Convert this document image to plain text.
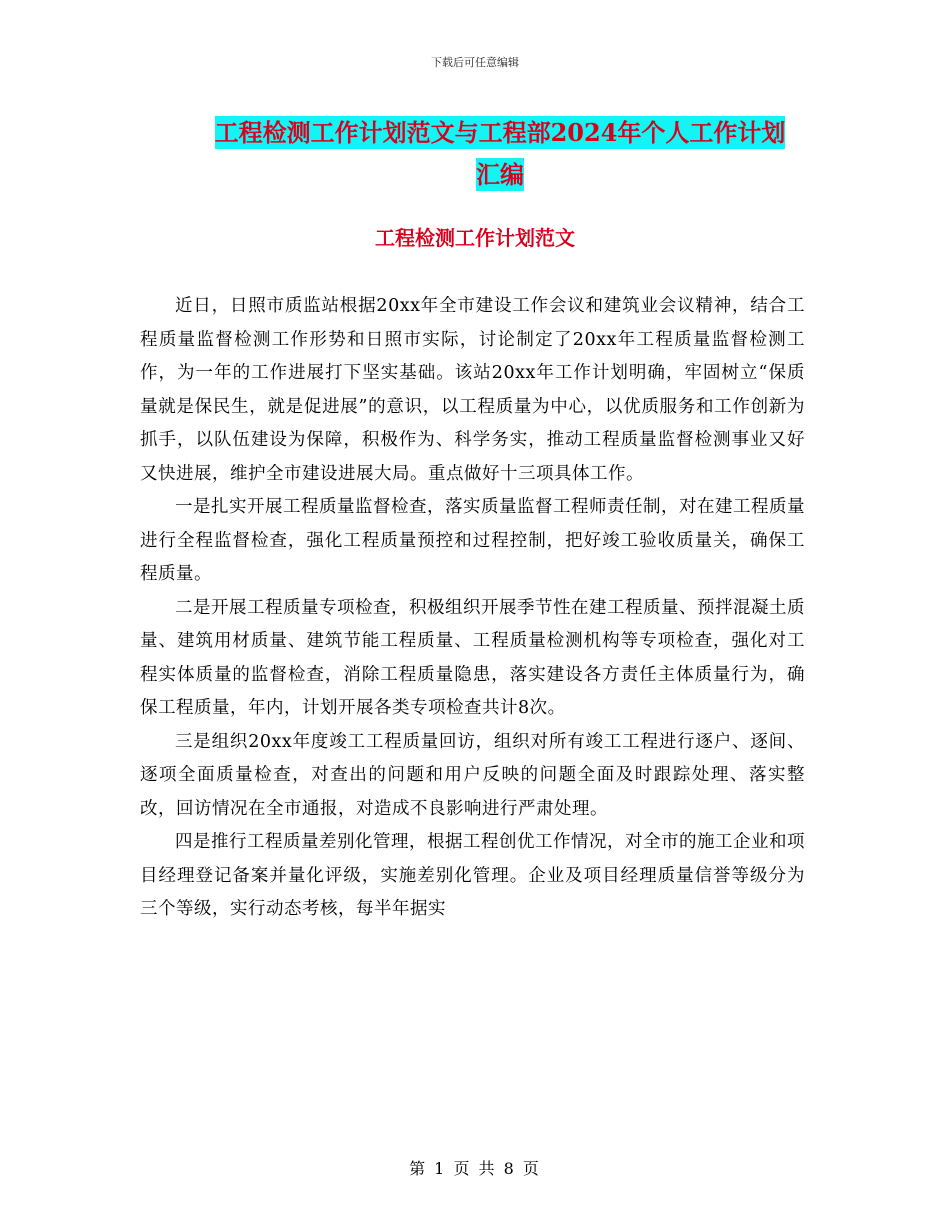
下载后可任意编辑
工程检测工作计划范文与工程部2024年个人工作计划
汇编
工程检测工作计划范文

近日，日照市质监站根据20xx年全市建设工作会议和建筑业会议精神，结合工程质量监督检测工作形势和日照市实际，讨论制定了20xx年工程质量监督检测工作，为一年的工作进展打下坚实基础。该站20xx年工作计划明确，牢固树立“保质量就是保民生，就是促进展”的意识，以工程质量为中心，以优质服务和工作创新为抓手，以队伍建设为保障，积极作为、科学务实，推动工程质量监督检测事业又好又快进展，维护全市建设进展大局。重点做好十三项具体工作。

一是扎实开展工程质量监督检查，落实质量监督工程师责任制，对在建工程质量进行全程监督检查，强化工程质量预控和过程控制，把好竣工验收质量关，确保工程质量。

二是开展工程质量专项检查，积极组织开展季节性在建工程质量、预拌混凝土质量、建筑用材质量、建筑节能工程质量、工程质量检测机构等专项检查，强化对工程实体质量的监督检查，消除工程质量隐患，落实建设各方责任主体质量行为，确保工程质量，年内，计划开展各类专项检查共计8次。

三是组织20xx年度竣工工程质量回访，组织对所有竣工工程进行逐户、逐间、逐项全面质量检查，对查出的问题和用户反映的问题全面及时跟踪处理、落实整改，回访情况在全市通报，对造成不良影响进行严肃处理。

四是推行工程质量差别化管理，根据工程创优工作情况，对全市的施工企业和项目经理登记备案并量化评级，实施差别化管理。企业及项目经理质量信誉等级分为三个等级，实行动态考核，每半年据实

第 1 页 共 8 页
